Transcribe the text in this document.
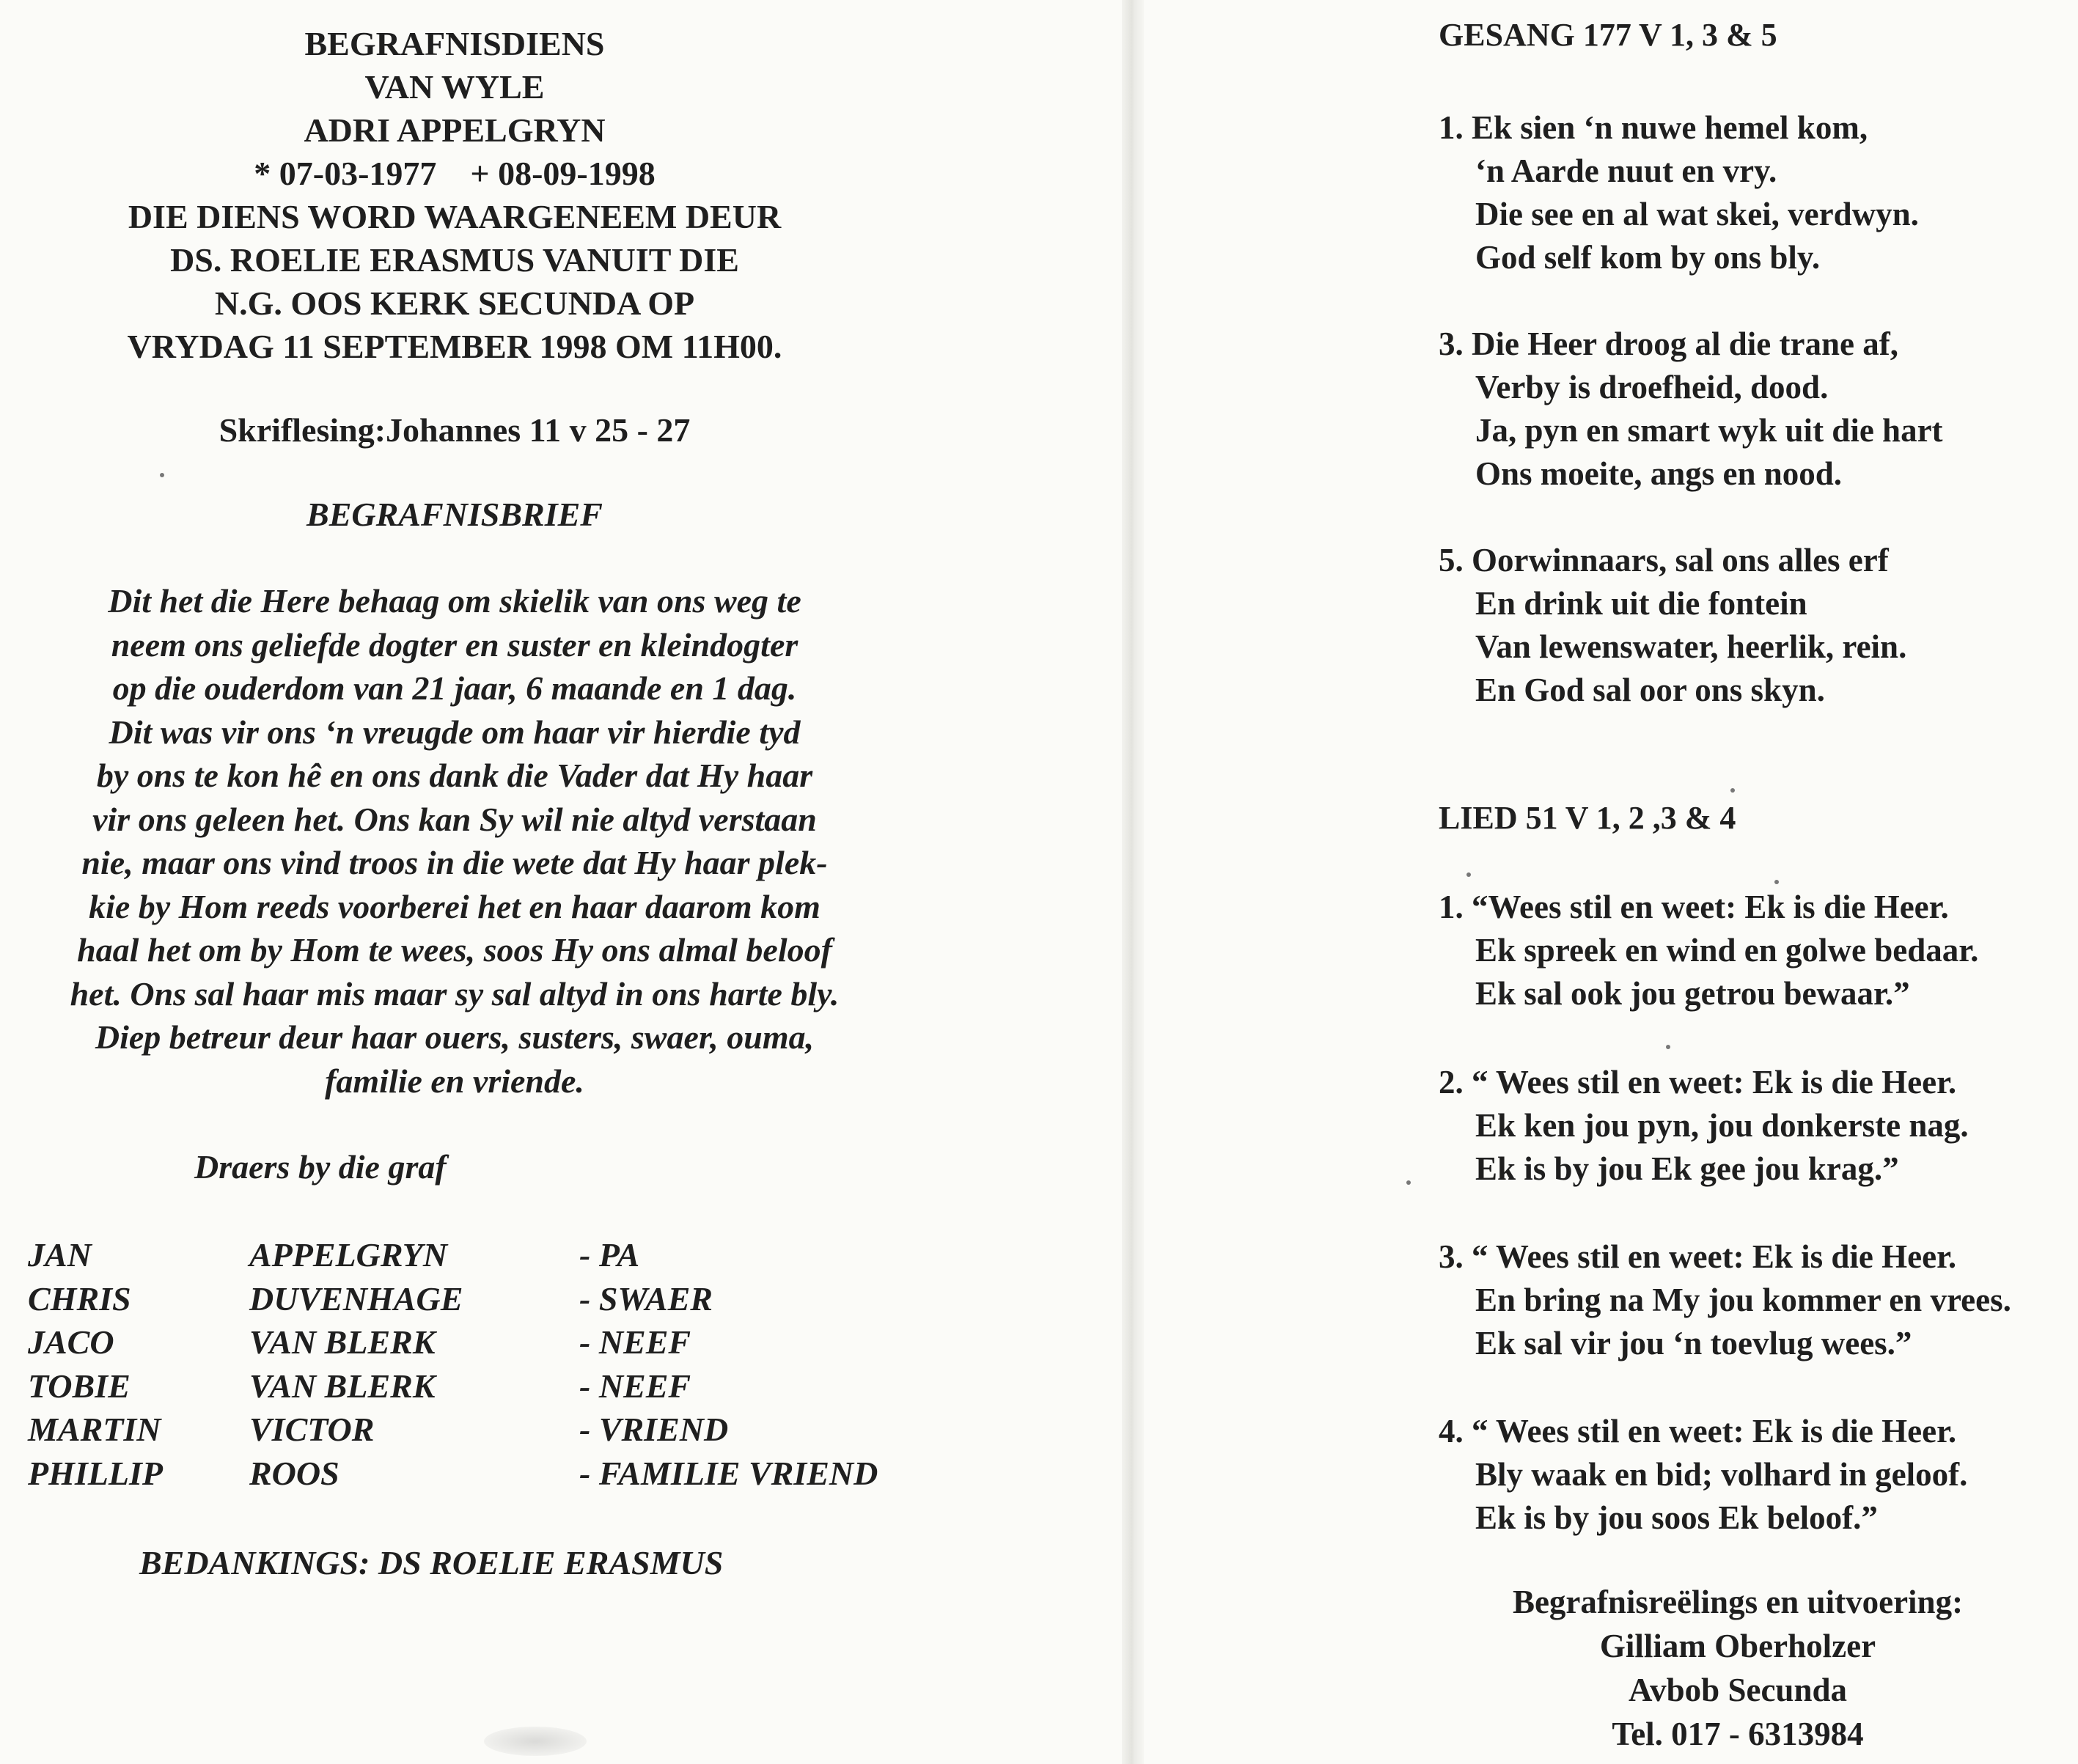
BEGRAFNISDIENS
VAN WYLE
ADRI APPELGRYN
* 07-03-1977    + 08-09-1998
DIE DIENS WORD WAARGENEEM DEUR
DS. ROELIE ERASMUS VANUIT DIE
N.G. OOS KERK SECUNDA OP
VRYDAG 11 SEPTEMBER 1998 OM 11H00.
Skriflesing:Johannes 11 v 25 - 27
BEGRAFNISBRIEF
Dit het die Here behaag om skielik van ons weg te
neem ons geliefde dogter en suster en kleindogter
op die ouderdom van 21 jaar, 6 maande en 1 dag.
Dit was vir ons ‘n vreugde om haar vir hierdie tyd
by ons te kon hê en ons dank die Vader dat Hy haar
vir ons geleen het. Ons kan Sy wil nie altyd verstaan
nie, maar ons vind troos in die wete dat Hy haar plek-
kie by Hom reeds voorberei het en haar daarom kom
haal het om by Hom te wees, soos Hy ons almal beloof
het. Ons sal haar mis maar sy sal altyd in ons harte bly.
Diep betreur deur haar ouers, susters, swaer, ouma,
familie en vriende.
Draers by die graf
JAN	APPELGRYN	- PA
CHRIS	DUVENHAGE	- SWAER
JACO	VAN BLERK	- NEEF
TOBIE	VAN BLERK	- NEEF
MARTIN	VICTOR	- VRIEND
PHILLIP	ROOS	- FAMILIE VRIEND
BEDANKINGS: DS ROELIE ERASMUS
GESANG 177 V 1, 3 & 5
1. Ek sien ‘n nuwe hemel kom,
‘n Aarde nuut en vry.
Die see en al wat skei, verdwyn.
God self kom by ons bly.
3. Die Heer droog al die trane af,
Verby is droefheid, dood.
Ja, pyn en smart wyk uit die hart
Ons moeite, angs en nood.
5. Oorwinnaars, sal ons alles erf
En drink uit die fontein
Van lewenswater, heerlik, rein.
En God sal oor ons skyn.
LIED 51 V 1, 2 ,3 & 4
1. “Wees stil en weet: Ek is die Heer.
Ek spreek en wind en golwe bedaar.
Ek sal ook jou getrou bewaar.”
2. “ Wees stil en weet: Ek is die Heer.
Ek ken jou pyn, jou donkerste nag.
Ek is by jou Ek gee jou krag.”
3. “ Wees stil en weet: Ek is die Heer.
En bring na My jou kommer en vrees.
Ek sal vir jou ‘n toevlug wees.”
4. “ Wees stil en weet: Ek is die Heer.
Bly waak en bid; volhard in geloof.
Ek is by jou soos Ek beloof.”
Begrafnisreëlings en uitvoering:
Gilliam Oberholzer
Avbob Secunda
Tel. 017 - 6313984
